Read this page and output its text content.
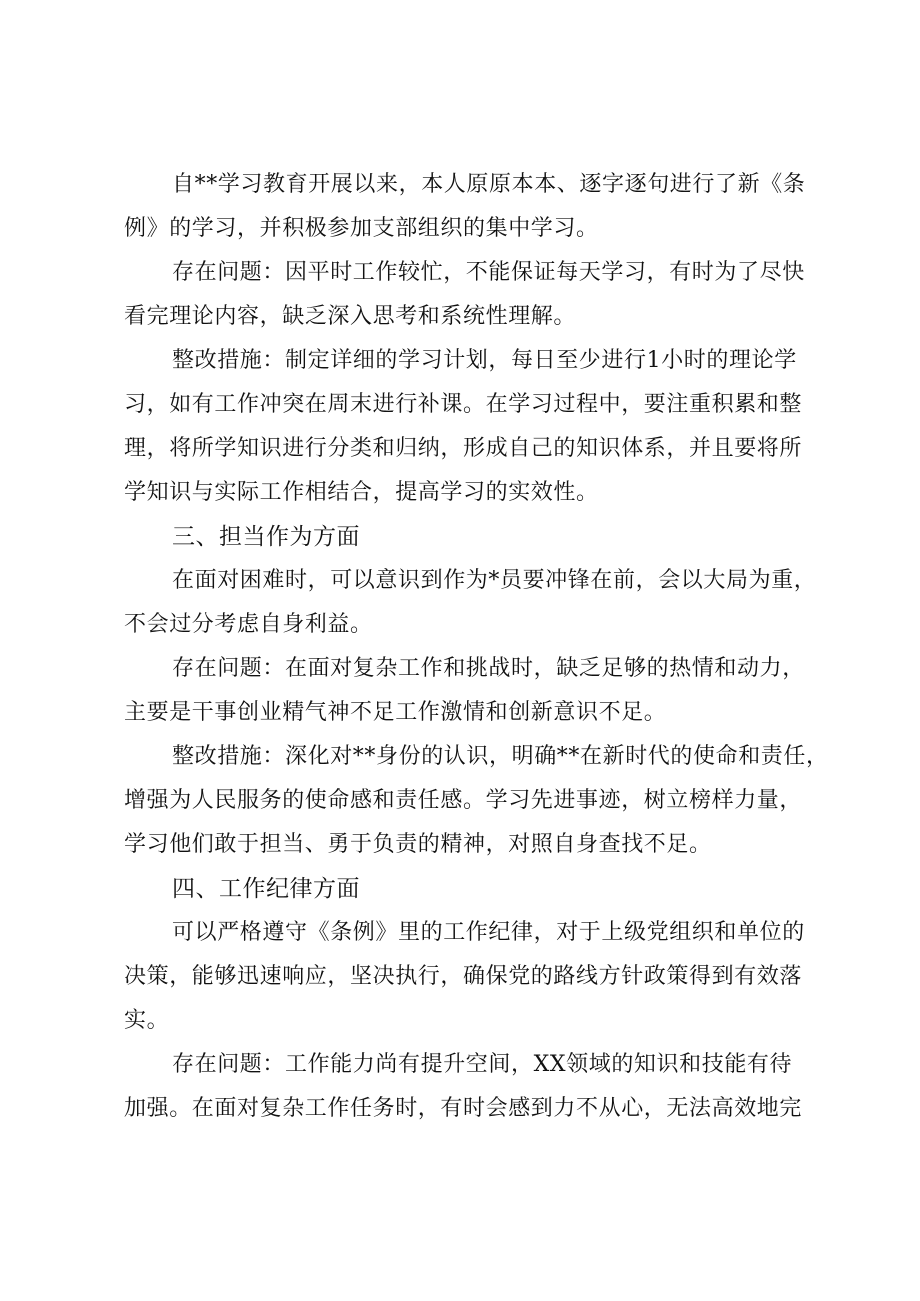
自**学习教育开展以来，本人原原本本、逐字逐句进行了新《条
例》的学习，并积极参加支部组织的集中学习。
存在问题：因平时工作较忙，不能保证每天学习，有时为了尽快
看完理论内容，缺乏深入思考和系统性理解。
整改措施：制定详细的学习计划，每日至少进行1小时的理论学
习，如有工作冲突在周末进行补课。在学习过程中，要注重积累和整
理，将所学知识进行分类和归纳，形成自己的知识体系，并且要将所
学知识与实际工作相结合，提高学习的实效性。
三、担当作为方面
在面对困难时，可以意识到作为*员要冲锋在前，会以大局为重，
不会过分考虑自身利益。
存在问题：在面对复杂工作和挑战时，缺乏足够的热情和动力，
主要是干事创业精气神不足工作激情和创新意识不足。
整改措施：深化对**身份的认识，明确**在新时代的使命和责任，
增强为人民服务的使命感和责任感。学习先进事迹，树立榜样力量，
学习他们敢于担当、勇于负责的精神，对照自身查找不足。
四、工作纪律方面
可以严格遵守《条例》里的工作纪律，对于上级党组织和单位的
决策，能够迅速响应，坚决执行，确保党的路线方针政策得到有效落
实。
存在问题：工作能力尚有提升空间，XX领域的知识和技能有待
加强。在面对复杂工作任务时，有时会感到力不从心，无法高效地完
